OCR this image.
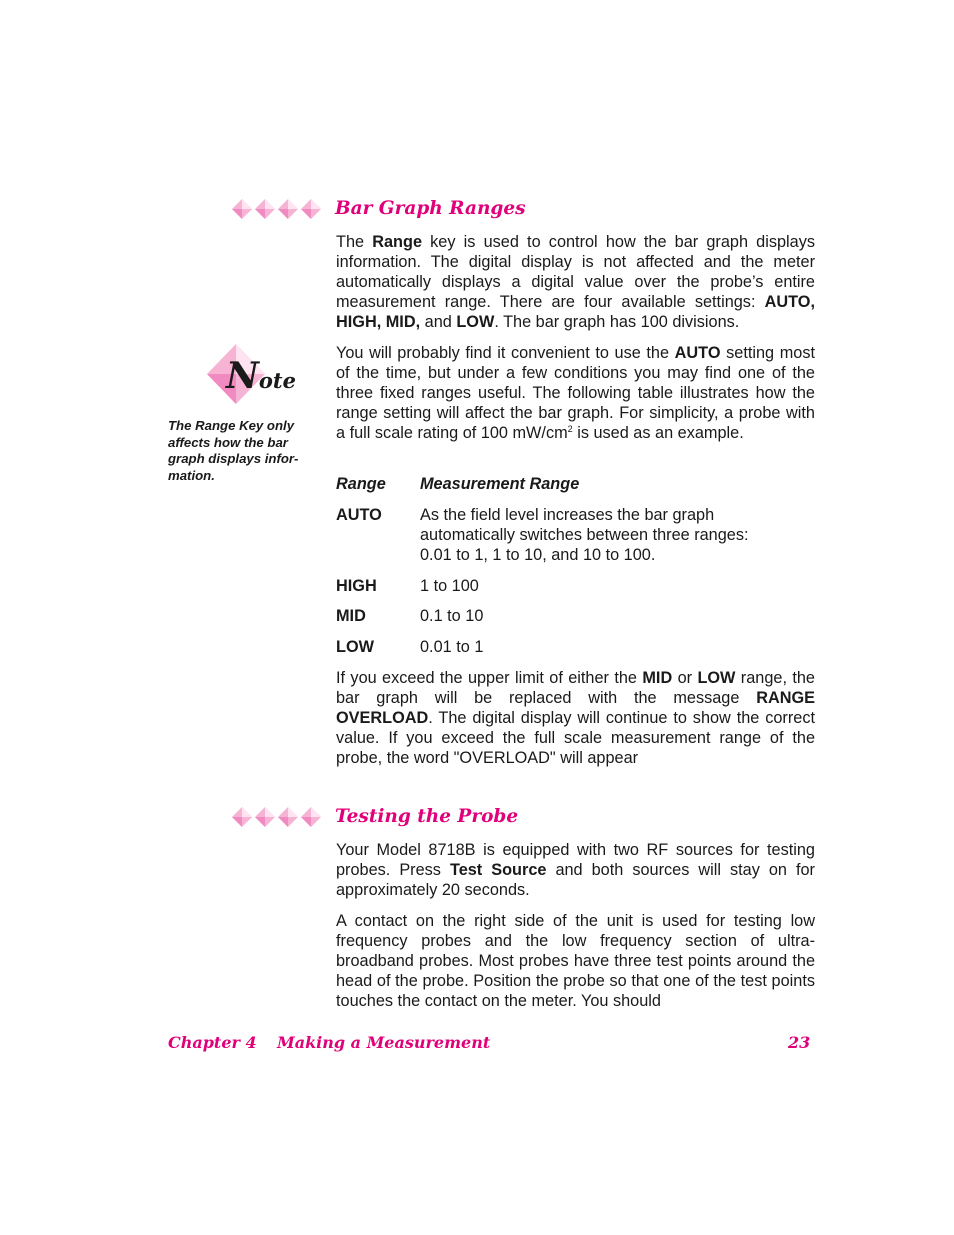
Bar Graph Ranges
The Range key is used to control how the bar graph displays information. The digital display is not affected and the meter automatically displays a digital value over the probe’s entire measurement range. There are four available settings: AUTO, HIGH, MID, and LOW. The bar graph has 100 divisions.
You will probably find it convenient to use the AUTO setting most of the time, but under a few conditions you may find one of the three fixed ranges useful. The following table illustrates how the range setting will affect the bar graph. For simplicity, a probe with a full scale rating of 100 $mW/cm^2$ is used as an example.
Note
The Range Key only affects how the bar graph displays infor-mation.	Range Measurement Range
AUTO As the field level increases the bar graph
automatically switches between three ranges:
0.01 to 1, 1 to 10, and 10 to 100.
HIGH	1 to 100
MID	0.1 to 10
LOW	0.01 to 1
If you exceed the upper limit of either the MID or LOW range, the bar graph will be replaced with the message RANGE OVERLOAD. The digital display will continue to show the correct value. If you exceed the full scale measurement range of the probe, the word "OVERLOAD" will appear
Testing the Probe
Your Model 8718B is equipped with two RF sources for testing probes. Press Test Source and both sources will stay on for approximately 20 seconds.
A contact on the right side of the unit is used for testing low frequency probes and the low frequency section of ultra-broadband probes. Most probes have three test points around the head of the probe. Position the probe so that one of the test points touches the contact on the meter. You should
Chapter 4 Making a Measurement	23
